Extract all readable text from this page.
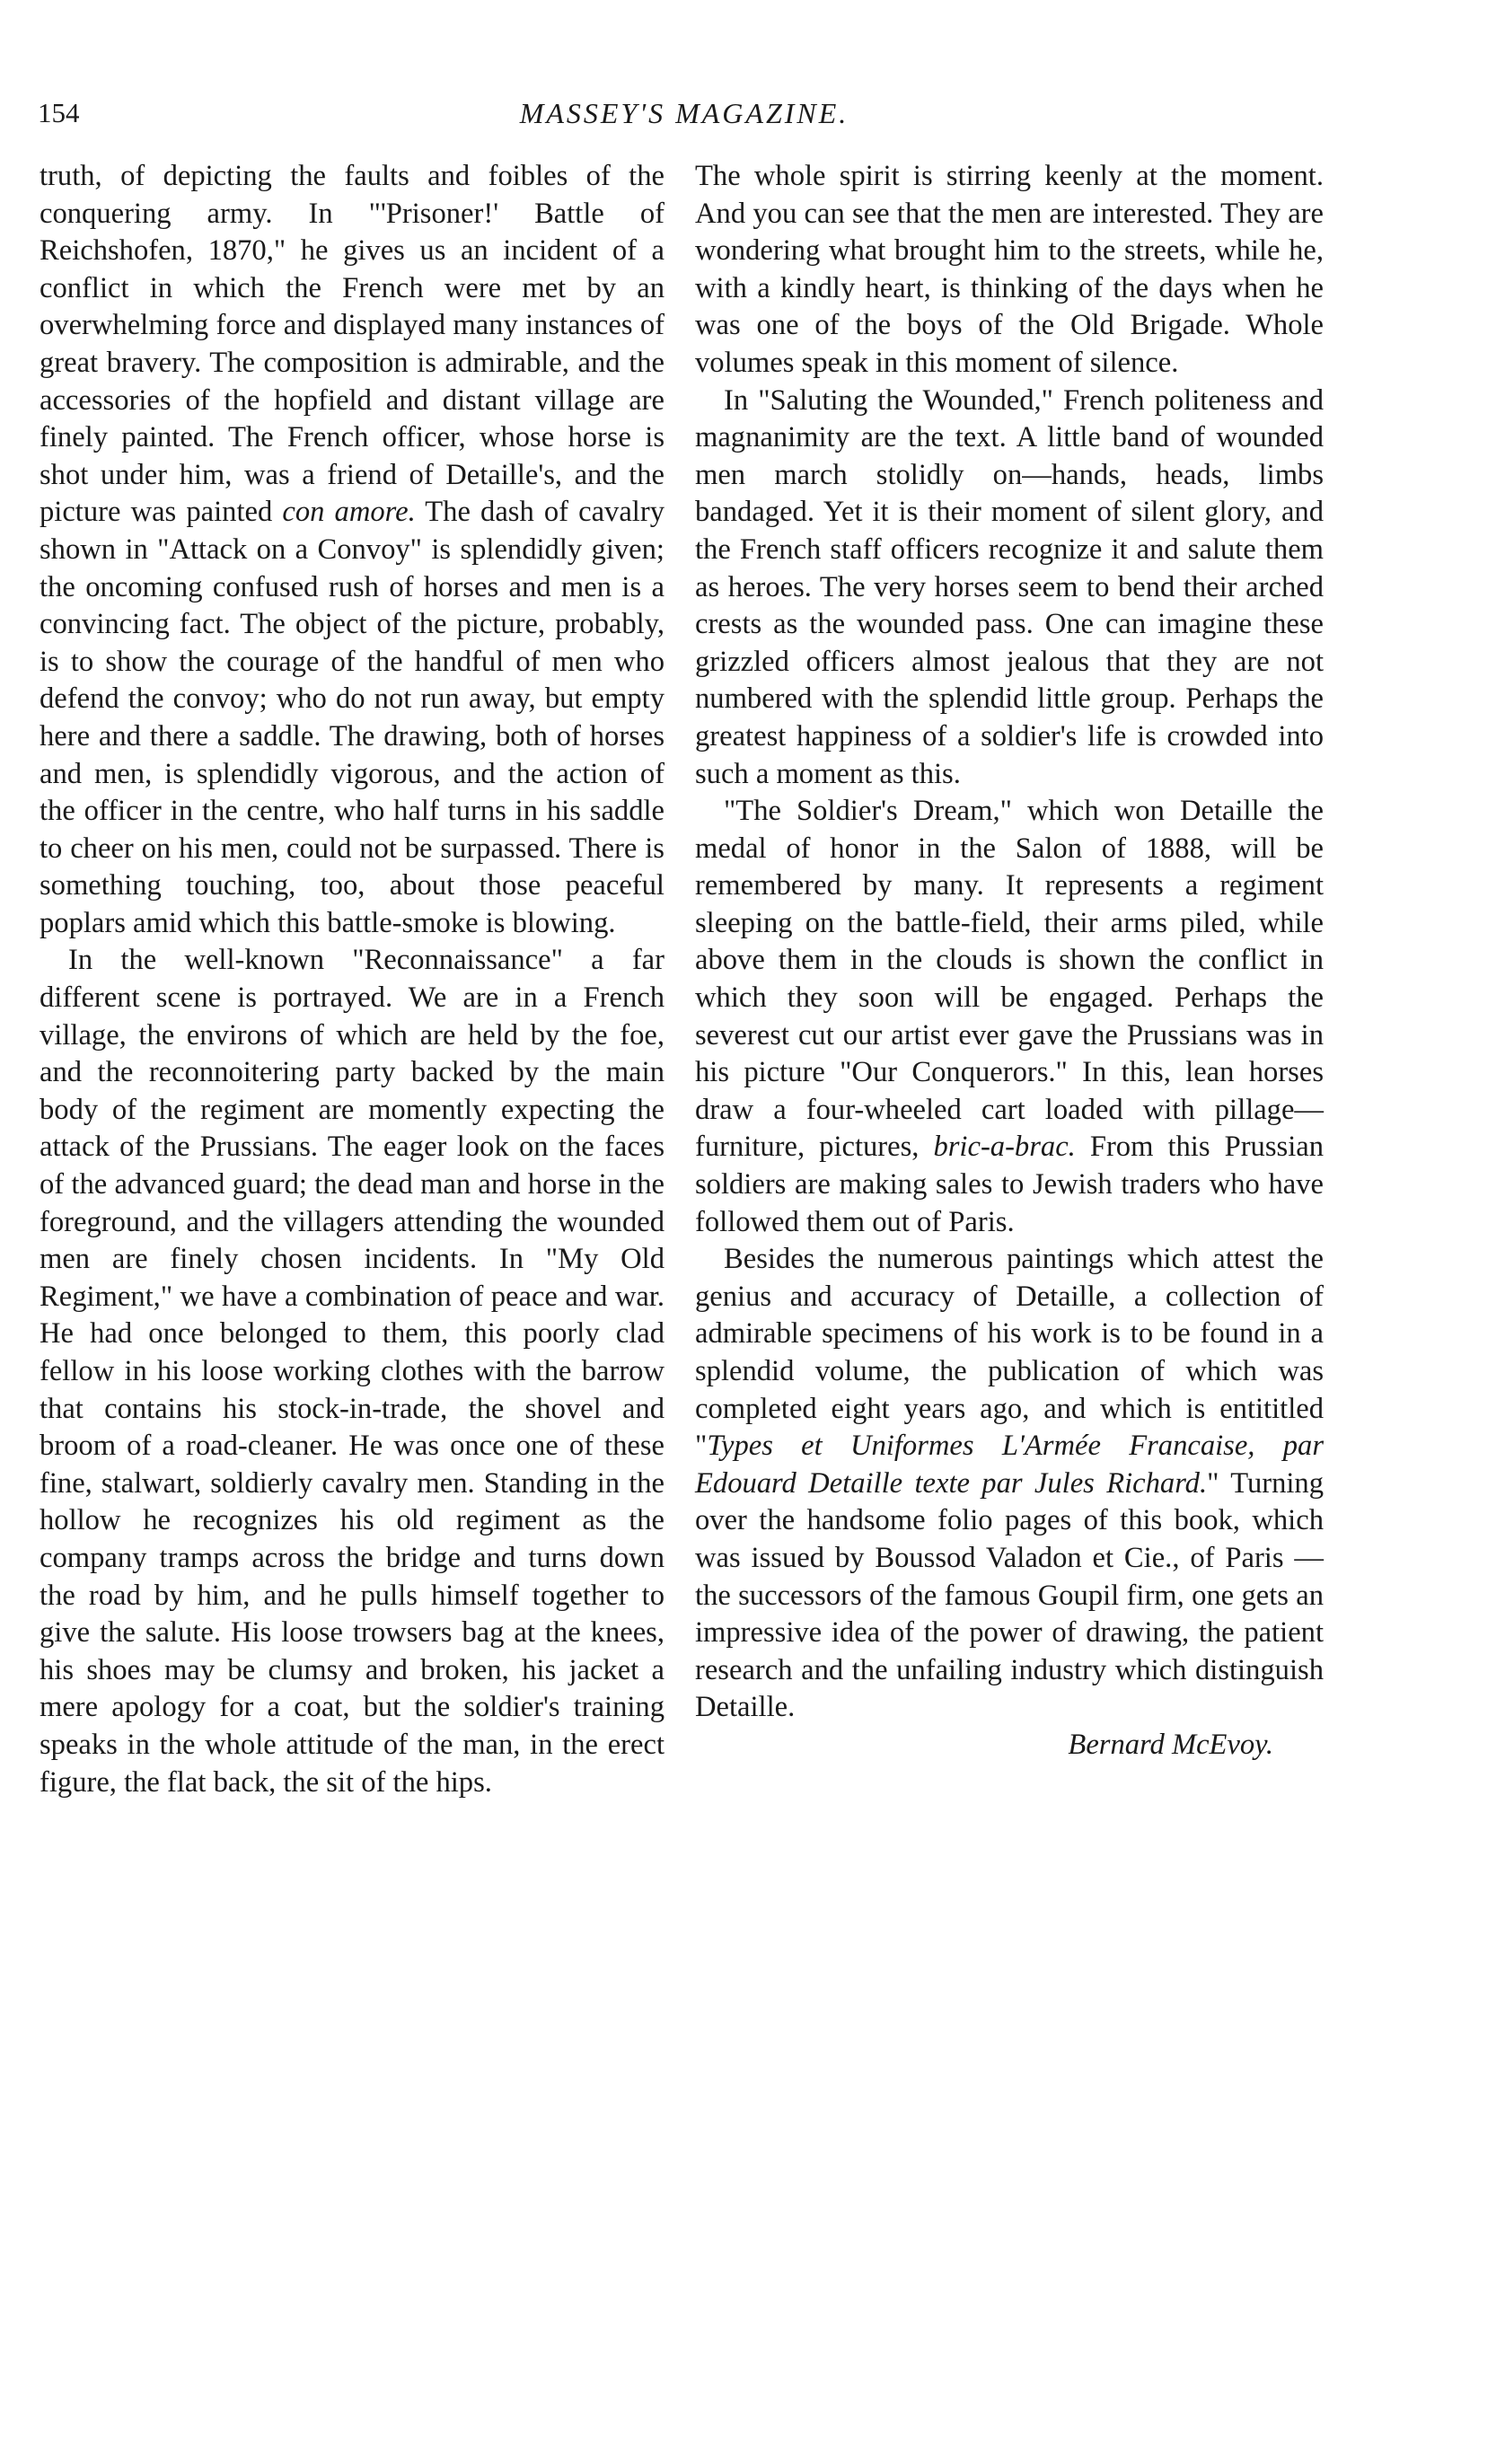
154	MASSEY'S MAGAZINE.

truth, of depicting the faults and foibles of the conquering army. In "'Prisoner!' Battle of Reichshofen, 1870," he gives us an incident of a conflict in which the French were met by an overwhelming force and displayed many instances of great bravery. The composition is admirable, and the accessories of the hopfield and distant village are finely painted. The French officer, whose horse is shot under him, was a friend of Detaille's, and the picture was painted con amore. The dash of cavalry shown in "Attack on a Convoy" is splendidly given; the oncoming confused rush of horses and men is a convincing fact. The object of the picture, probably, is to show the courage of the handful of men who defend the convoy; who do not run away, but empty here and there a saddle. The drawing, both of horses and men, is splendidly vigorous, and the action of the officer in the centre, who half turns in his saddle to cheer on his men, could not be surpassed. There is something touching, too, about those peaceful poplars amid which this battle-smoke is blowing.

In the well-known "Reconnaissance" a far different scene is portrayed. We are in a French village, the environs of which are held by the foe, and the reconnoitering party backed by the main body of the regiment are momently expecting the attack of the Prussians. The eager look on the faces of the advanced guard; the dead man and horse in the foreground, and the villagers attending the wounded men are finely chosen incidents. In "My Old Regiment," we have a combination of peace and war. He had once belonged to them, this poorly clad fellow in his loose working clothes with the barrow that contains his stock-in-trade, the shovel and broom of a road-cleaner. He was once one of these fine, stalwart, soldierly cavalry men. Standing in the hollow he recognizes his old regiment as the company tramps across the bridge and turns down the road by him, and he pulls himself together to give the salute. His loose trowsers bag at the knees, his shoes may be clumsy and broken, his jacket a mere apology for a coat, but the soldier's training speaks in the whole attitude of the man, in the erect figure, the flat back, the sit of the hips.

The whole spirit is stirring keenly at the moment. And you can see that the men are interested. They are wondering what brought him to the streets, while he, with a kindly heart, is thinking of the days when he was one of the boys of the Old Brigade. Whole volumes speak in this moment of silence.

In "Saluting the Wounded," French politeness and magnanimity are the text. A little band of wounded men march stolidly on—hands, heads, limbs bandaged. Yet it is their moment of silent glory, and the French staff officers recognize it and salute them as heroes. The very horses seem to bend their arched crests as the wounded pass. One can imagine these grizzled officers almost jealous that they are not numbered with the splendid little group. Perhaps the greatest happiness of a soldier's life is crowded into such a moment as this.

"The Soldier's Dream," which won Detaille the medal of honor in the Salon of 1888, will be remembered by many. It represents a regiment sleeping on the battle-field, their arms piled, while above them in the clouds is shown the conflict in which they soon will be engaged. Perhaps the severest cut our artist ever gave the Prussians was in his picture "Our Conquerors." In this, lean horses draw a four-wheeled cart loaded with pillage—furniture, pictures, bric-a-brac. From this Prussian soldiers are making sales to Jewish traders who have followed them out of Paris.

Besides the numerous paintings which attest the genius and accuracy of Detaille, a collection of admirable specimens of his work is to be found in a splendid volume, the publication of which was completed eight years ago, and which is entititled "Types et Uniformes L'Armée Francaise, par Edouard Detaille texte par Jules Richard." Turning over the handsome folio pages of this book, which was issued by Boussod Valadon et Cie., of Paris — the successors of the famous Goupil firm, one gets an impressive idea of the power of drawing, the patient research and the unfailing industry which distinguish Detaille.

Bernard McEvoy.
